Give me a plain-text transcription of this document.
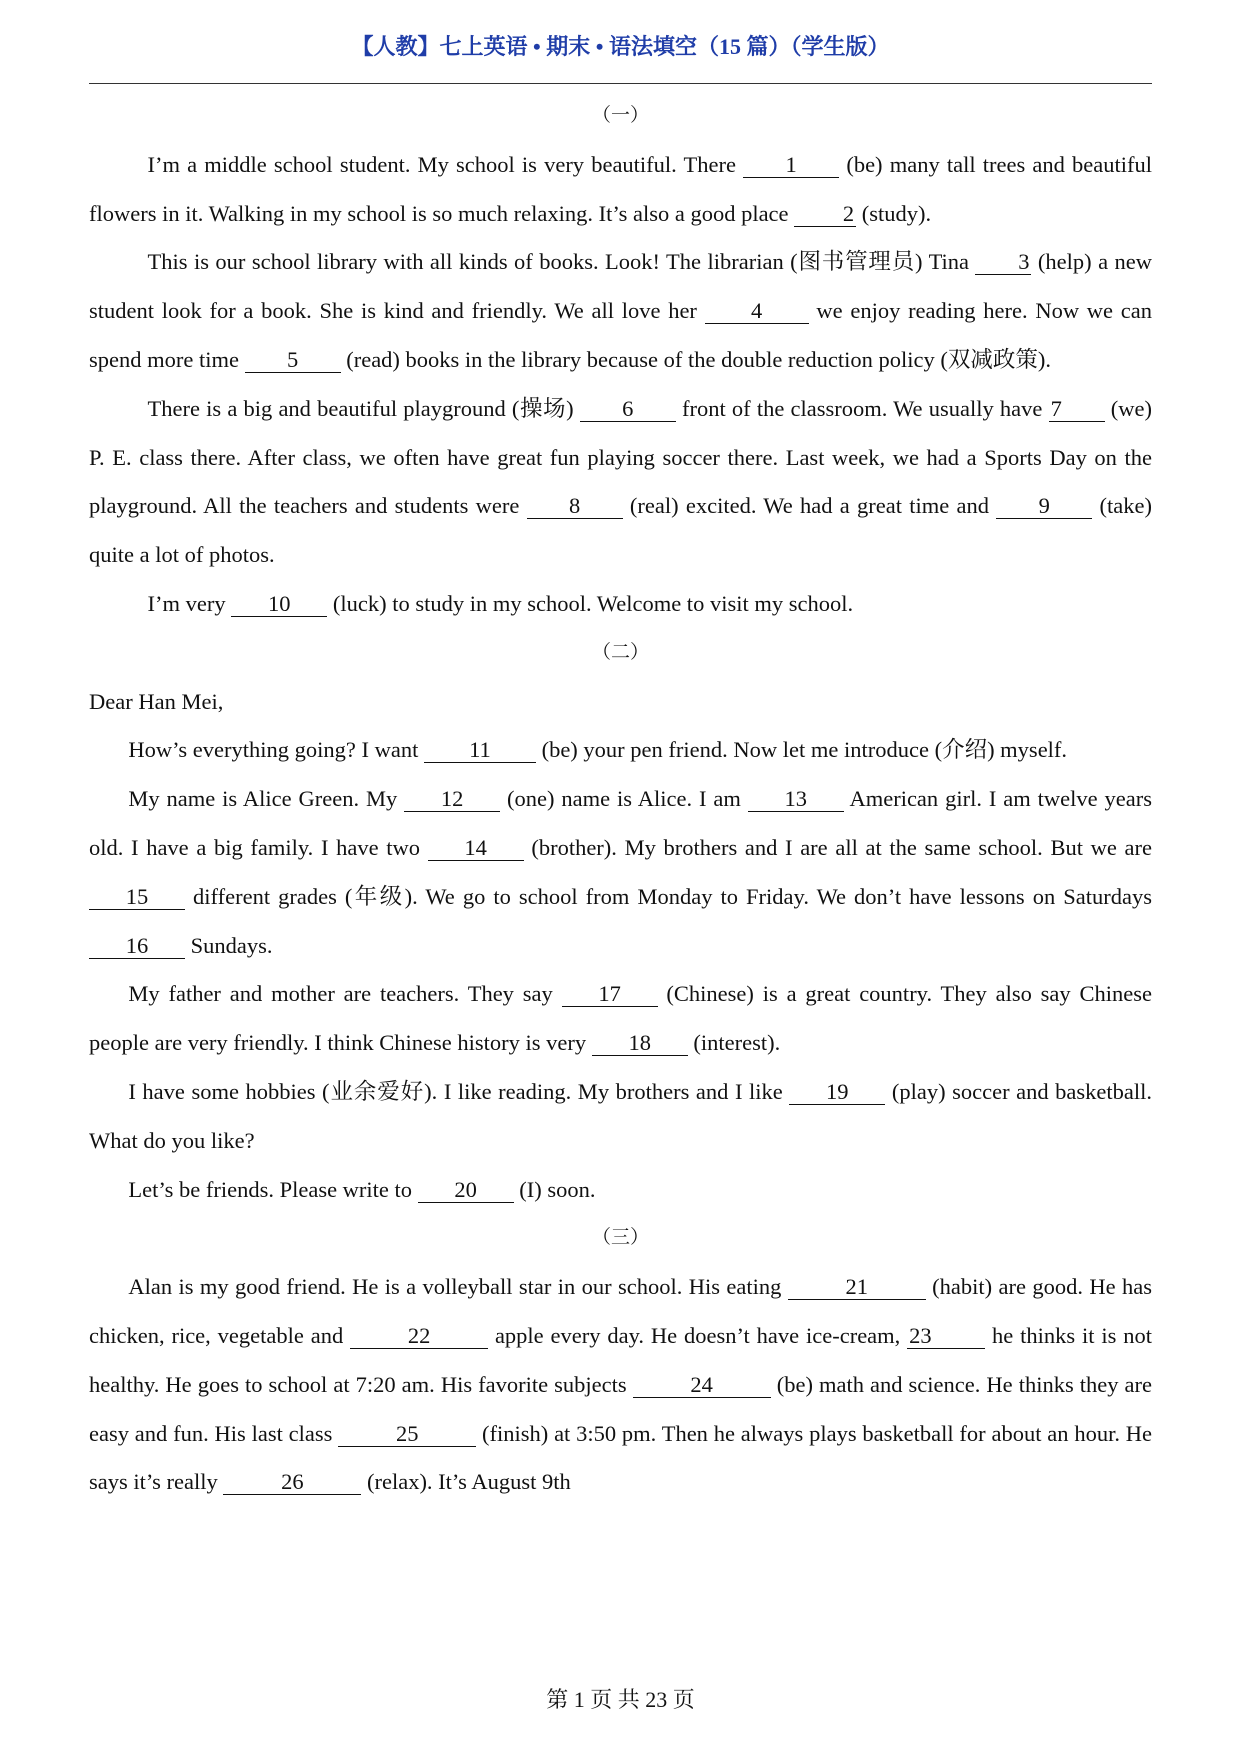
【人教】七上英语 • 期末 • 语法填空（15 篇）（学生版）
（一）

I’m a middle school student. My school is very beautiful. There 1 (be) many tall trees and beautiful flowers in it. Walking in my school is so much relaxing. It’s also a good place 2 (study).

This is our school library with all kinds of books. Look! The librarian (图书管理员) Tina 3 (help) a new student look for a book. She is kind and friendly. We all love her 4 we enjoy reading here. Now we can spend more time 5 (read) books in the library because of the double reduction policy (双减政策).

There is a big and beautiful playground (操场) 6 front of the classroom. We usually have 7 (we) P. E. class there. After class, we often have great fun playing soccer there. Last week, we had a Sports Day on the playground. All the teachers and students were 8 (real) excited. We had a great time and 9 (take) quite a lot of photos.

I’m very 10 (luck) to study in my school. Welcome to visit my school.

（二）

Dear Han Mei,

How’s everything going? I want 11 (be) your pen friend. Now let me introduce (介绍) myself.

My name is Alice Green. My 12 (one) name is Alice. I am 13 American girl. I am twelve years old. I have a big family. I have two 14 (brother). My brothers and I are all at the same school. But we are 15 different grades (年级). We go to school from Monday to Friday. We don’t have lessons on Saturdays 16 Sundays.

My father and mother are teachers. They say 17 (Chinese) is a great country. They also say Chinese people are very friendly. I think Chinese history is very 18 (interest).

I have some hobbies (业余爱好). I like reading. My brothers and I like 19 (play) soccer and basketball. What do you like?

Let’s be friends. Please write to 20 (I) soon.

（三）

Alan is my good friend. He is a volleyball star in our school. His eating	21	(habit) are good. He has chicken, rice, vegetable and	22	apple every day. He doesn’t have ice-cream, 23 he thinks it is not healthy. He goes to school at 7:20 am. His favorite subjects	24	(be) math and science. He thinks they are easy and fun. His last class	25	(finish) at 3:50 pm. Then he always plays basketball for about an hour. He says it’s really	26	(relax). It’s August 9th

第 1 页 共 23 页
